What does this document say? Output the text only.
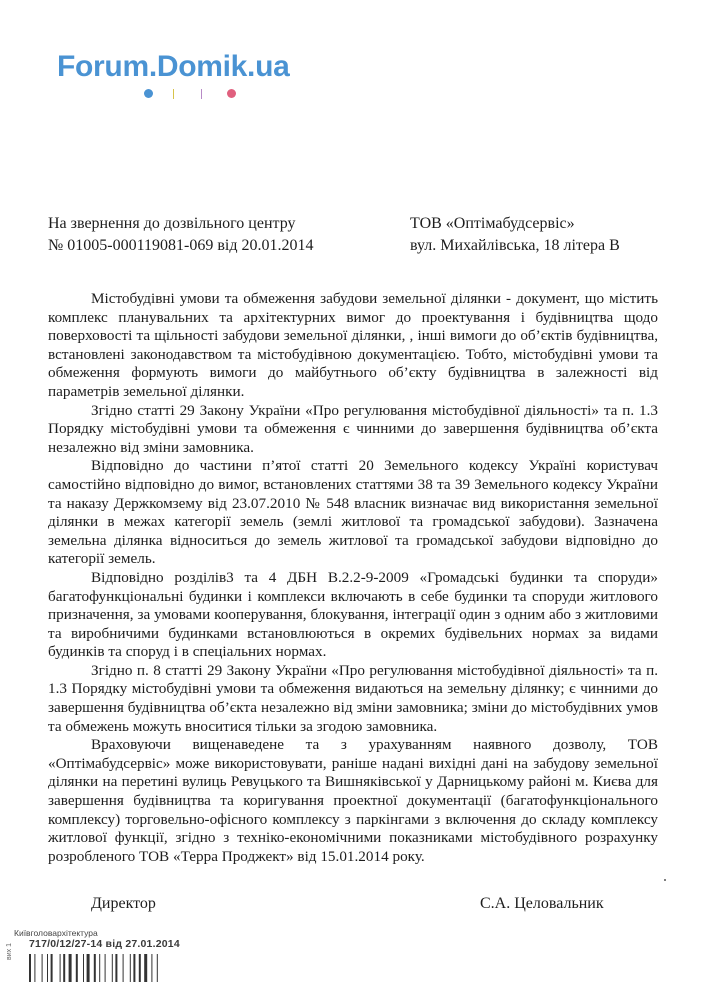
Forum.Domik.ua
На звернення до дозвільного центру
№ 01005-000119081-069 від 20.01.2014
ТОВ «Оптімабудсервіс»
вул. Михайлівська, 18 літера В

Містобудівні умови та обмеження забудови земельної ділянки - документ, що містить комплекс планувальних та архітектурних вимог до проектування і будівництва щодо поверховості та щільності забудови земельної ділянки, , інші вимоги до об’єктів будівництва, встановлені законодавством та містобудівною документацією. Тобто, містобудівні умови та обмеження формують вимоги до майбутнього об’єкту будівництва в залежності від параметрів земельної ділянки.

Згідно статті 29 Закону України «Про регулювання містобудівної діяльності» та п. 1.3 Порядку містобудівні умови та обмеження є чинними до завершення будівництва об’єкта незалежно від зміни замовника.

Відповідно до частини п’ятої статті 20 Земельного кодексу Україні користувач самостійно відповідно до вимог, встановлених статтями 38 та 39 Земельного кодексу України та наказу Держкомзему від 23.07.2010 № 548 власник визначає вид використання земельної ділянки в межах категорії земель (землі житлової та громадської забудови). Зазначена земельна ділянка відноситься до земель житлової та громадської забудови відповідно до категорії земель.

Відповідно розділів3 та 4 ДБН В.2.2-9-2009 «Громадські будинки та споруди» багатофункціональні будинки і комплекси включають в себе будинки та споруди житлового призначення, за умовами кооперування, блокування, інтеграції один з одним або з житловими та виробничими будинками встановлюються в окремих будівельних нормах за видами будинків та споруд і в спеціальних нормах.

Згідно п. 8 статті 29 Закону України «Про регулювання містобудівної діяльності» та п. 1.3 Порядку містобудівні умови та обмеження видаються на земельну ділянку; є чинними до завершення будівництва об’єкта незалежно від зміни замовника; зміни до містобудівних умов та обмежень можуть вноситися тільки за згодою замовника.

Враховуючи вищенаведене та з урахуванням наявного дозволу, ТОВ «Оптімабудсервіс» може використовувати, раніше надані вихідні дані на забудову земельної ділянки на перетині вулиць Ревуцького та Вишняківської у Дарницькому районі м. Києва для завершення будівництва та коригування проектної документації (багатофункціонального комплексу) торговельно-офісного комплексу з паркінгами з включення до складу комплексу житлової функції, згідно з техніко-економічними показниками містобудівного розрахунку розробленого ТОВ «Терра Проджект» від 15.01.2014 року.

Директор	С.А. Целовальник
Київголоварxітектура
717/0/12/27-14 від 27.01.2014
вих 1
